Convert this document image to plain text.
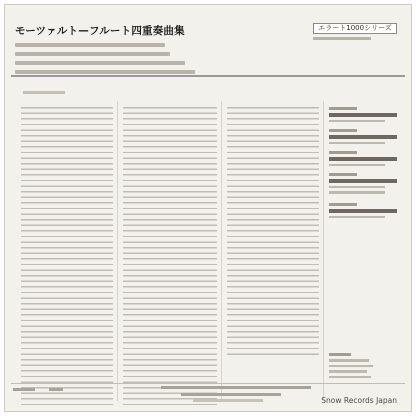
モーツァルト—フルート四重奏曲集	エラート1000シリーズ
Snow Records Japan
